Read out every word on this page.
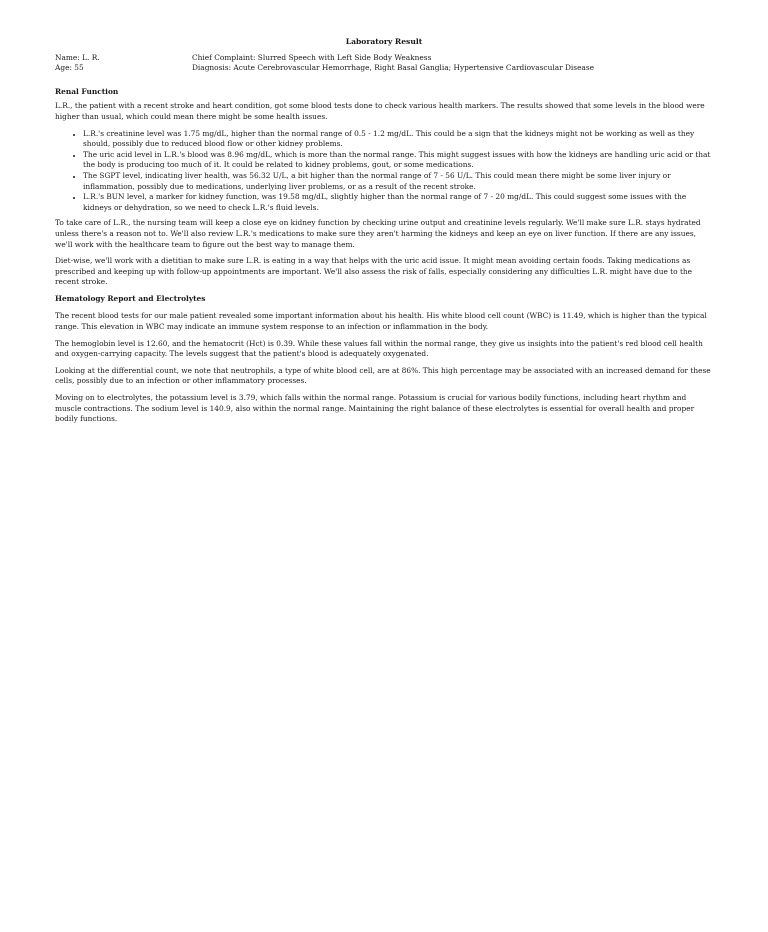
Laboratory Result
Name: L. R.	Chief Complaint: Slurred Speech with Left Side Body Weakness
Age: 55	Diagnosis: Acute Cerebrovascular Hemorrhage, Right Basal Ganglia; Hypertensive Cardiovascular Disease
Renal Function

L.R., the patient with a recent stroke and heart condition, got some blood tests done to check various health markers. The results showed that some levels in the blood were higher than usual, which could mean there might be some health issues.

• L.R.'s creatinine level was 1.75 mg/dL, higher than the normal range of 0.5 - 1.2 mg/dL. This could be a sign that the kidneys might not be working as well as they should, possibly due to reduced blood flow or other kidney problems.
• The uric acid level in L.R.'s blood was 8.96 mg/dL, which is more than the normal range. This might suggest issues with how the kidneys are handling uric acid or that the body is producing too much of it. It could be related to kidney problems, gout, or some medications.
• The SGPT level, indicating liver health, was 56.32 U/L, a bit higher than the normal range of 7 - 56 U/L. This could mean there might be some liver injury or inflammation, possibly due to medications, underlying liver problems, or as a result of the recent stroke.
• L.R.'s BUN level, a marker for kidney function, was 19.58 mg/dL, slightly higher than the normal range of 7 - 20 mg/dL. This could suggest some issues with the kidneys or dehydration, so we need to check L.R.'s fluid levels.

To take care of L.R., the nursing team will keep a close eye on kidney function by checking urine output and creatinine levels regularly. We'll make sure L.R. stays hydrated unless there's a reason not to. We'll also review L.R.'s medications to make sure they aren't harming the kidneys and keep an eye on liver function. If there are any issues, we'll work with the healthcare team to figure out the best way to manage them.

Diet-wise, we'll work with a dietitian to make sure L.R. is eating in a way that helps with the uric acid issue. It might mean avoiding certain foods. Taking medications as prescribed and keeping up with follow-up appointments are important. We'll also assess the risk of falls, especially considering any difficulties L.R. might have due to the recent stroke.

Hematology Report and Electrolytes

The recent blood tests for our male patient revealed some important information about his health. His white blood cell count (WBC) is 11.49, which is higher than the typical range. This elevation in WBC may indicate an immune system response to an infection or inflammation in the body.

The hemoglobin level is 12.60, and the hematocrit (Hct) is 0.39. While these values fall within the normal range, they give us insights into the patient's red blood cell health and oxygen-carrying capacity. The levels suggest that the patient's blood is adequately oxygenated.

Looking at the differential count, we note that neutrophils, a type of white blood cell, are at 86%. This high percentage may be associated with an increased demand for these cells, possibly due to an infection or other inflammatory processes.

Moving on to electrolytes, the potassium level is 3.79, which falls within the normal range. Potassium is crucial for various bodily functions, including heart rhythm and muscle contractions. The sodium level is 140.9, also within the normal range. Maintaining the right balance of these electrolytes is essential for overall health and proper bodily functions.
